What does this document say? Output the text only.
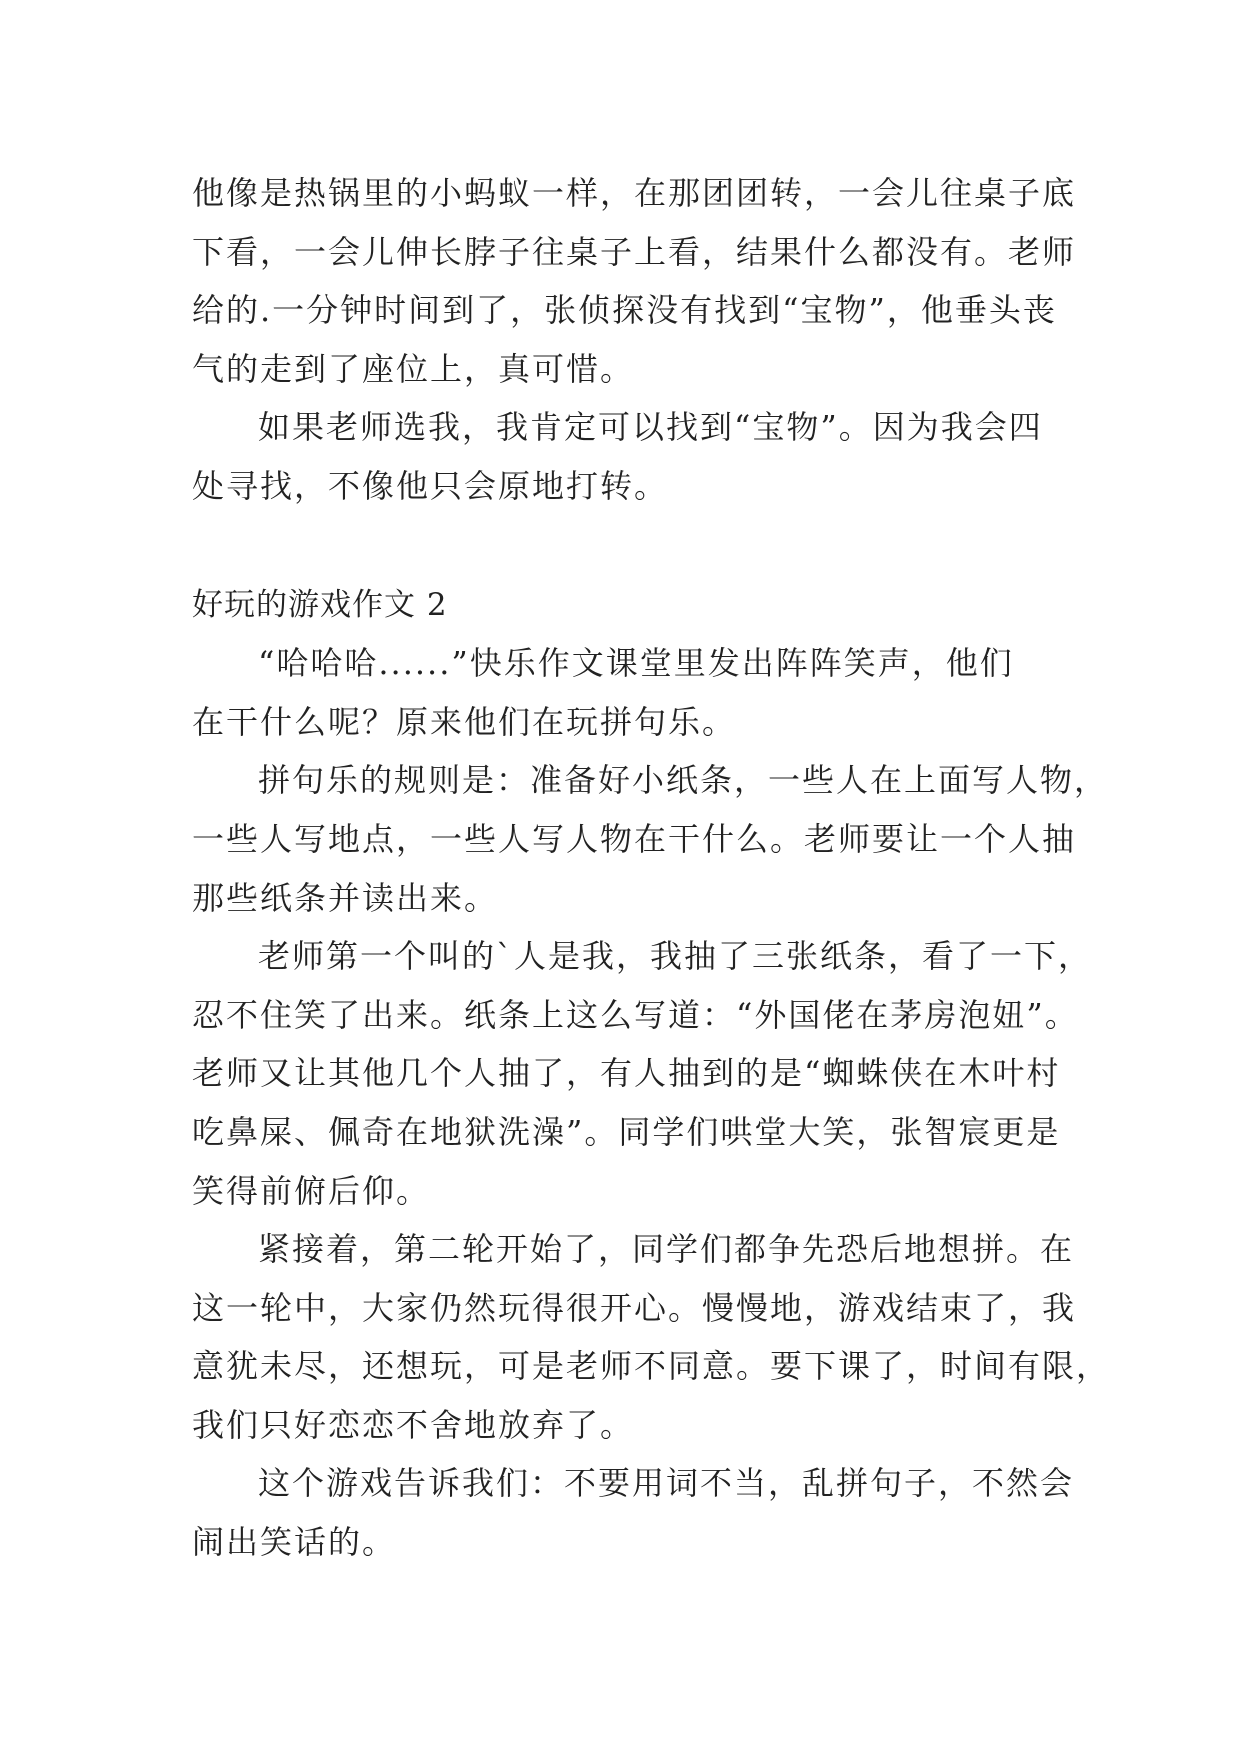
他像是热锅里的小蚂蚁一样，在那团团转，一会儿往桌子底
下看，一会儿伸长脖子往桌子上看，结果什么都没有。老师
给的.一分钟时间到了，张侦探没有找到“宝物”，他垂头丧
气的走到了座位上，真可惜。
如果老师选我，我肯定可以找到“宝物”。因为我会四
处寻找，不像他只会原地打转。
好玩的游戏作文 2
“哈哈哈......”快乐作文课堂里发出阵阵笑声，他们
在干什么呢？原来他们在玩拼句乐。
拼句乐的规则是：准备好小纸条，一些人在上面写人物，
一些人写地点，一些人写人物在干什么。老师要让一个人抽
那些纸条并读出来。
老师第一个叫的`人是我，我抽了三张纸条，看了一下，
忍不住笑了出来。纸条上这么写道：“外国佬在茅房泡妞”。
老师又让其他几个人抽了，有人抽到的是“蜘蛛侠在木叶村
吃鼻屎、佩奇在地狱洗澡”。同学们哄堂大笑，张智宸更是
笑得前俯后仰。
紧接着，第二轮开始了，同学们都争先恐后地想拼。在
这一轮中，大家仍然玩得很开心。慢慢地，游戏结束了，我
意犹未尽，还想玩，可是老师不同意。要下课了，时间有限，
我们只好恋恋不舍地放弃了。
这个游戏告诉我们：不要用词不当，乱拼句子，不然会
闹出笑话的。
